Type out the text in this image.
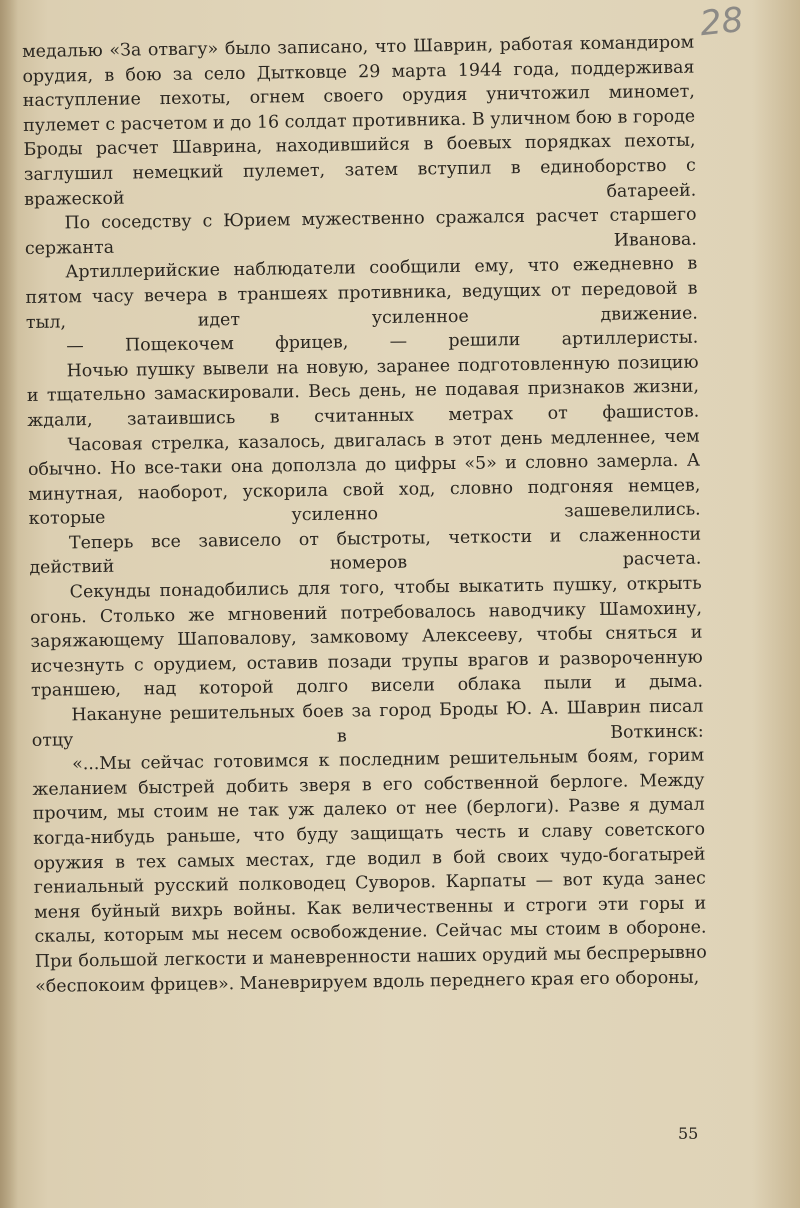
28

медалью «За отвагу» было записано, что Шаврин, работая командиром орудия, в бою за село Дытковце 29 марта 1944 года, поддерживая наступление пехоты, огнем своего орудия уничтожил миномет, пулемет с расчетом и до 16 солдат противника. В уличном бою в городе Броды расчет Шаврина, находившийся в боевых порядках пехоты, заглушил немецкий пулемет, затем вступил в единоборство с вражеской батареей.

По соседству с Юрием мужественно сражался расчет старшего сержанта Иванова.

Артиллерийские наблюдатели сообщили ему, что ежедневно в пятом часу вечера в траншеях противника, ведущих от передовой в тыл, идет усиленное движение.

— Пощекочем фрицев, — решили артиллеристы.

Ночью пушку вывели на новую, заранее подготовленную позицию и тщательно замаскировали. Весь день, не подавая признаков жизни, ждали, затаившись в считанных метрах от фашистов.

Часовая стрелка, казалось, двигалась в этот день медленнее, чем обычно. Но все-таки она доползла до цифры «5» и словно замерла. А минутная, наоборот, ускорила свой ход, словно подгоняя немцев, которые усиленно зашевелились.

Теперь все зависело от быстроты, четкости и слаженности действий номеров расчета.

Секунды понадобились для того, чтобы выкатить пушку, открыть огонь. Столько же мгновений потребовалось наводчику Шамохину, заряжающему Шаповалову, замковому Алексееву, чтобы сняться и исчезнуть с орудием, оставив позади трупы врагов и развороченную траншею, над которой долго висели облака пыли и дыма.

Накануне решительных боев за город Броды Ю. А. Шаврин писал отцу в Воткинск:

«...Мы сейчас готовимся к последним решительным боям, горим желанием быстрей добить зверя в его собственной берлоге. Между прочим, мы стоим не так уж далеко от нее (берлоги). Разве я думал когда-нибудь раньше, что буду защищать честь и славу советского оружия в тех самых местах, где водил в бой своих чудо-богатырей гениальный русский полководец Суворов. Карпаты — вот куда занес меня буйный вихрь войны. Как величественны и строги эти горы и скалы, которым мы несем освобождение. Сейчас мы стоим в обороне. При большой легкости и маневренности наших орудий мы беспрерывно «беспокоим фрицев». Маневрируем вдоль переднего края его обороны,

55
